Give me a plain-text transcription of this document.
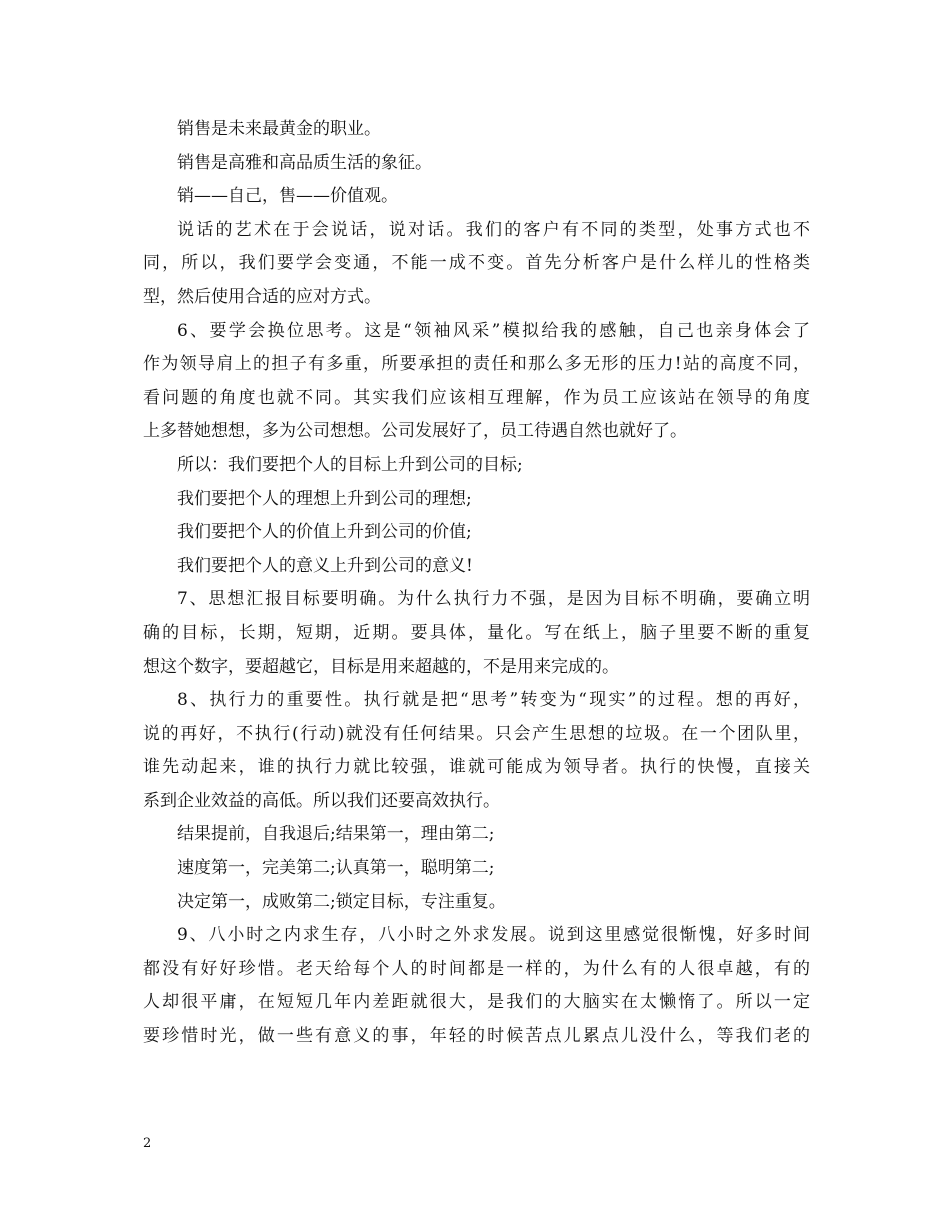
销售是未来最黄金的职业。
销售是高雅和高品质生活的象征。
销——自己，售——价值观。
说话的艺术在于会说话，说对话。我们的客户有不同的类型，处事方式也不
同，所以，我们要学会变通，不能一成不变。首先分析客户是什么样儿的性格类
型，然后使用合适的应对方式。
6、要学会换位思考。这是“领袖风采”模拟给我的感触，自己也亲身体会了
作为领导肩上的担子有多重，所要承担的责任和那么多无形的压力!站的高度不同，
看问题的角度也就不同。其实我们应该相互理解，作为员工应该站在领导的角度
上多替她想想，多为公司想想。公司发展好了，员工待遇自然也就好了。
所以：我们要把个人的目标上升到公司的目标;
我们要把个人的理想上升到公司的理想;
我们要把个人的价值上升到公司的价值;
我们要把个人的意义上升到公司的意义!
7、思想汇报目标要明确。为什么执行力不强，是因为目标不明确，要确立明
确的目标，长期，短期，近期。要具体，量化。写在纸上，脑子里要不断的重复
想这个数字，要超越它，目标是用来超越的，不是用来完成的。
8、执行力的重要性。执行就是把“思考”转变为“现实”的过程。想的再好，
说的再好，不执行(行动)就没有任何结果。只会产生思想的垃圾。在一个团队里，
谁先动起来，谁的执行力就比较强，谁就可能成为领导者。执行的快慢，直接关
系到企业效益的高低。所以我们还要高效执行。
结果提前，自我退后;结果第一，理由第二;
速度第一，完美第二;认真第一，聪明第二;
决定第一，成败第二;锁定目标，专注重复。
9、八小时之内求生存，八小时之外求发展。说到这里感觉很惭愧，好多时间
都没有好好珍惜。老天给每个人的时间都是一样的，为什么有的人很卓越，有的
人却很平庸，在短短几年内差距就很大，是我们的大脑实在太懒惰了。所以一定
要珍惜时光，做一些有意义的事，年轻的时候苦点儿累点儿没什么，等我们老的
2
